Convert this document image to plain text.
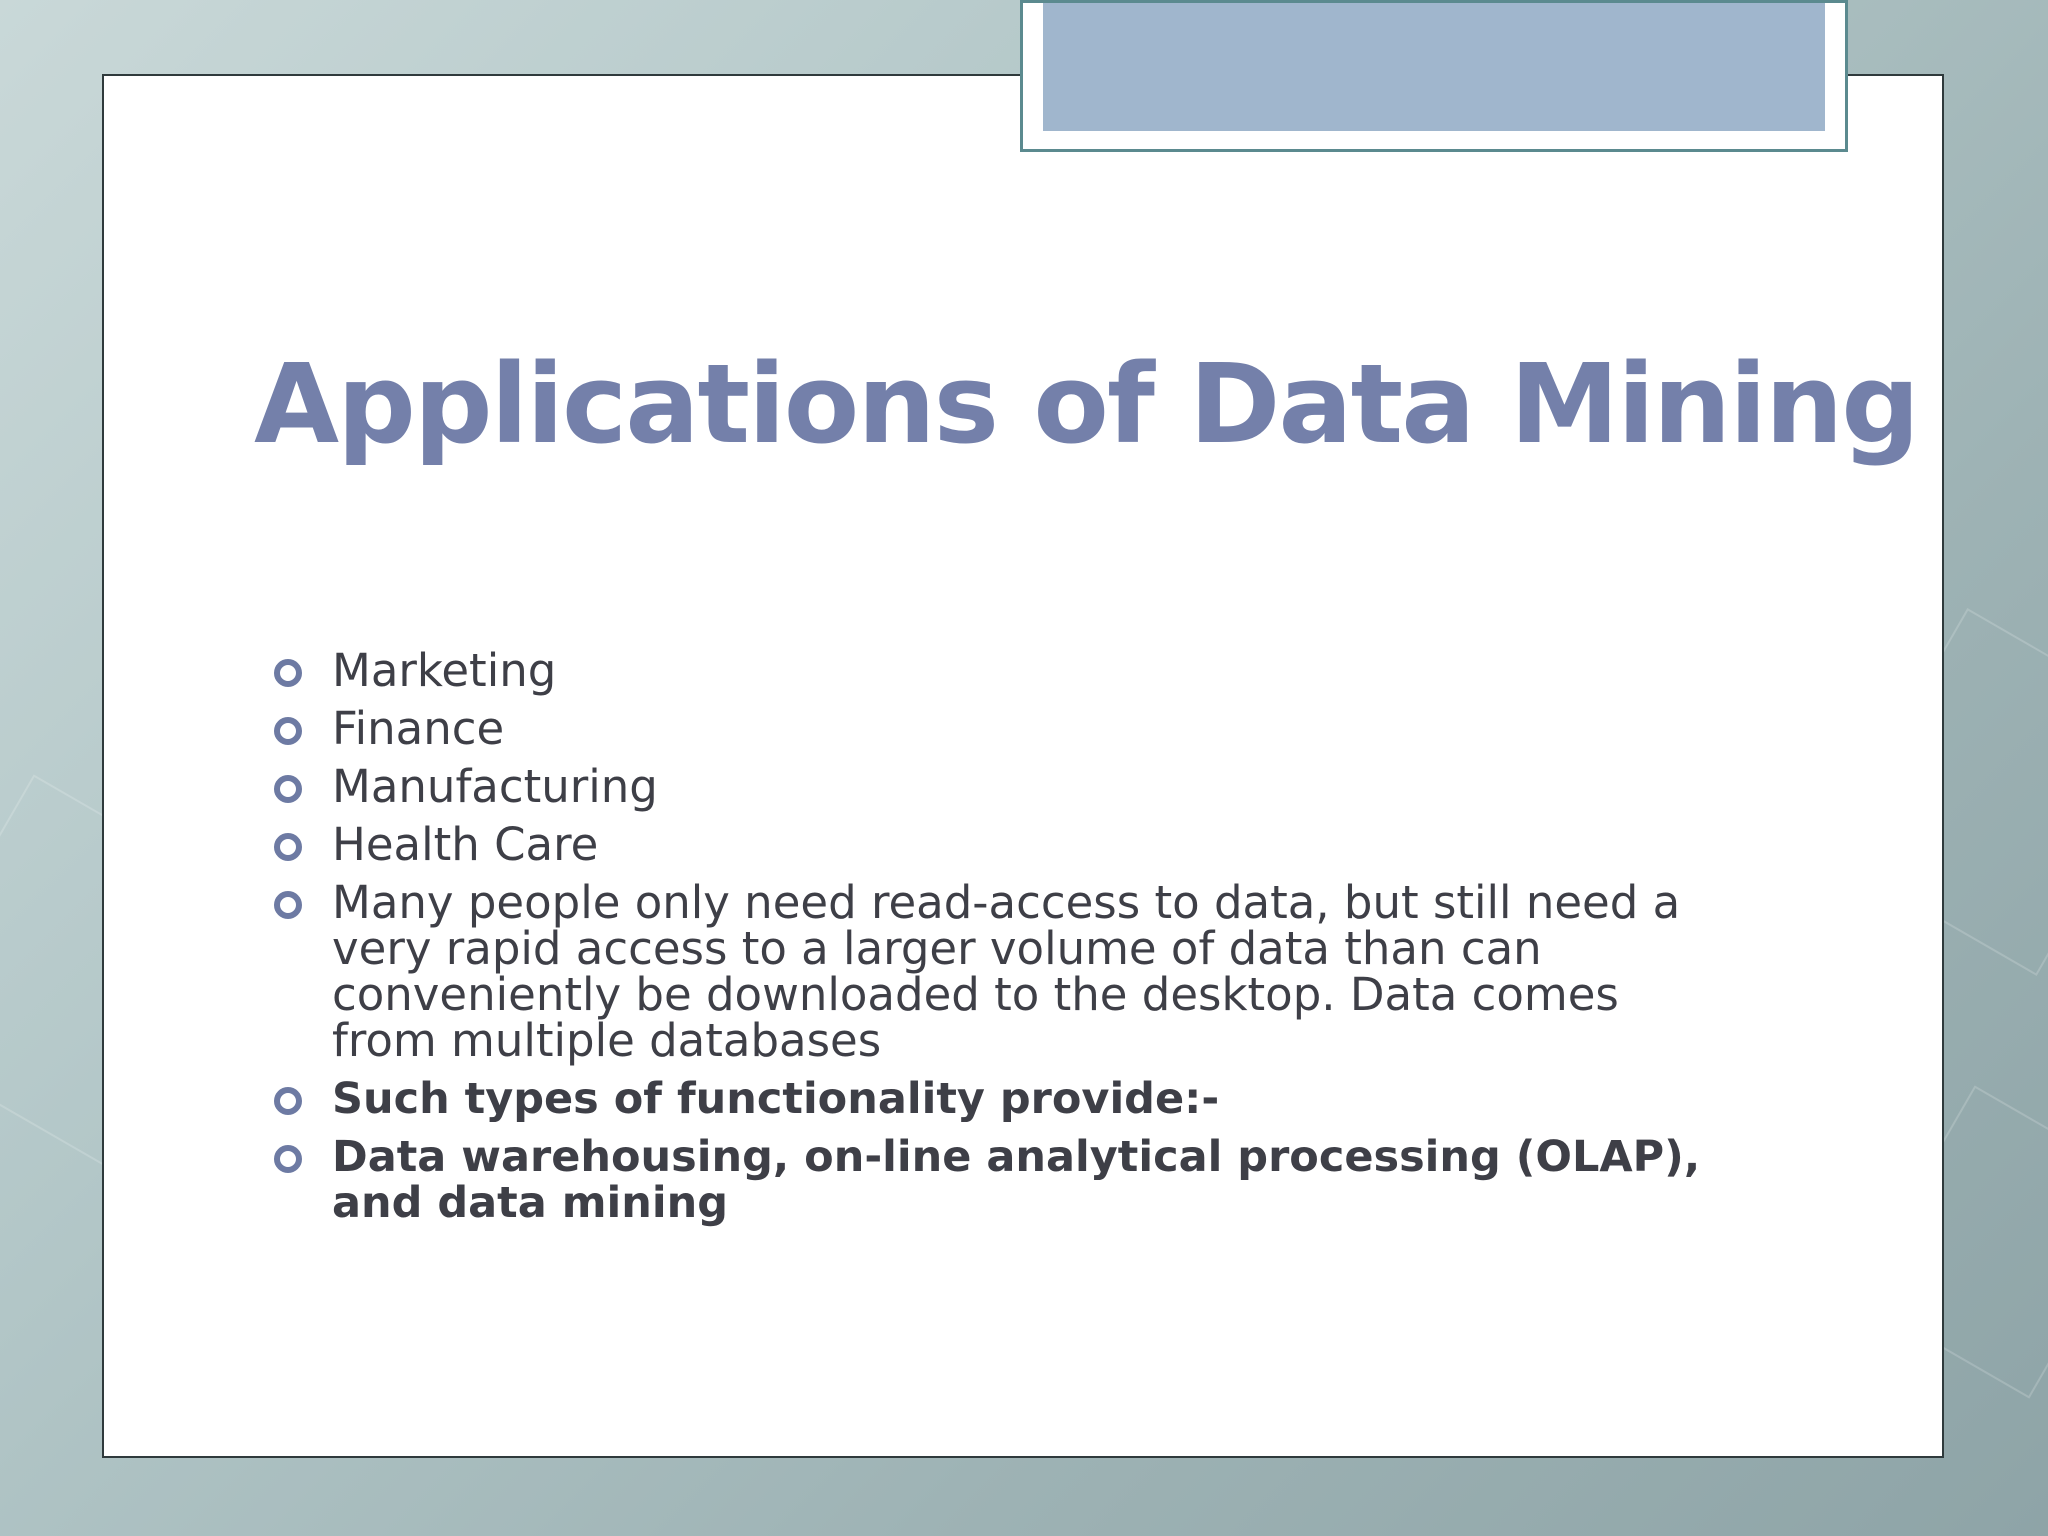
Applications of Data Mining
Marketing
Finance
Manufacturing
Health Care
Many people only need read-access to data, but still need a very rapid access to a larger volume of data than can conveniently be downloaded to the desktop. Data comes from multiple databases
Such types of functionality provide:-
Data warehousing, on-line analytical processing (OLAP), and data mining
